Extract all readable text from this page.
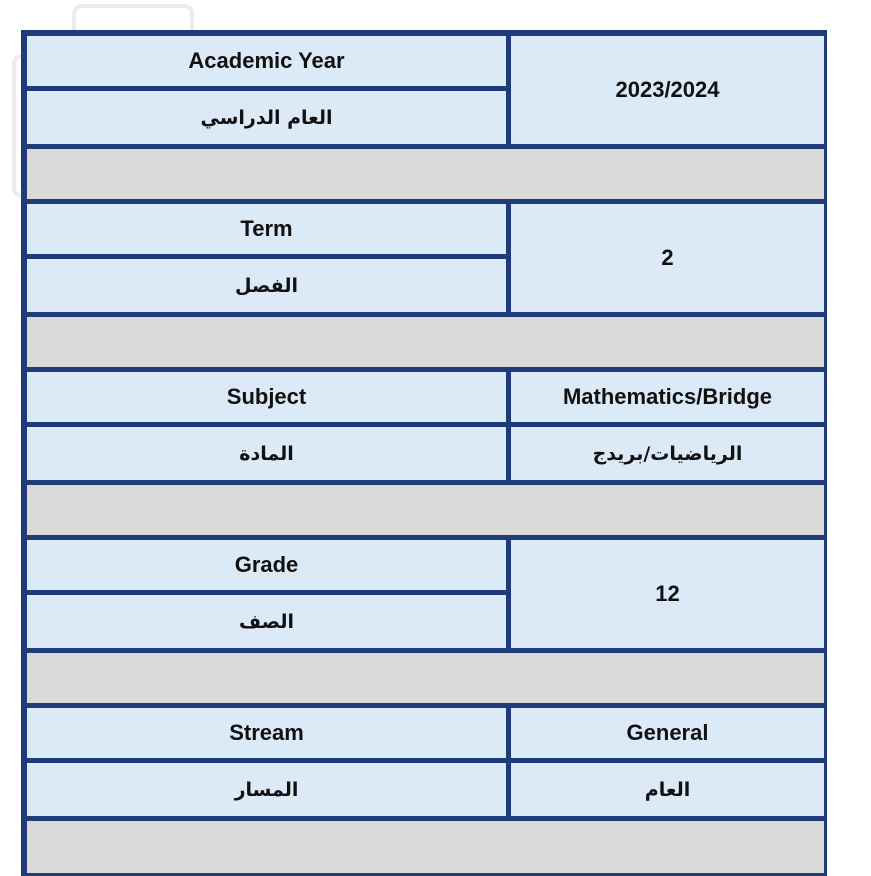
Academic Year
العام الدراسي
2023/2024
Term
الفصل
2
Subject
المادة
Mathematics/Bridge
الرياضيات/بريدج
Grade
الصف
12
Stream
المسار
General
العام
